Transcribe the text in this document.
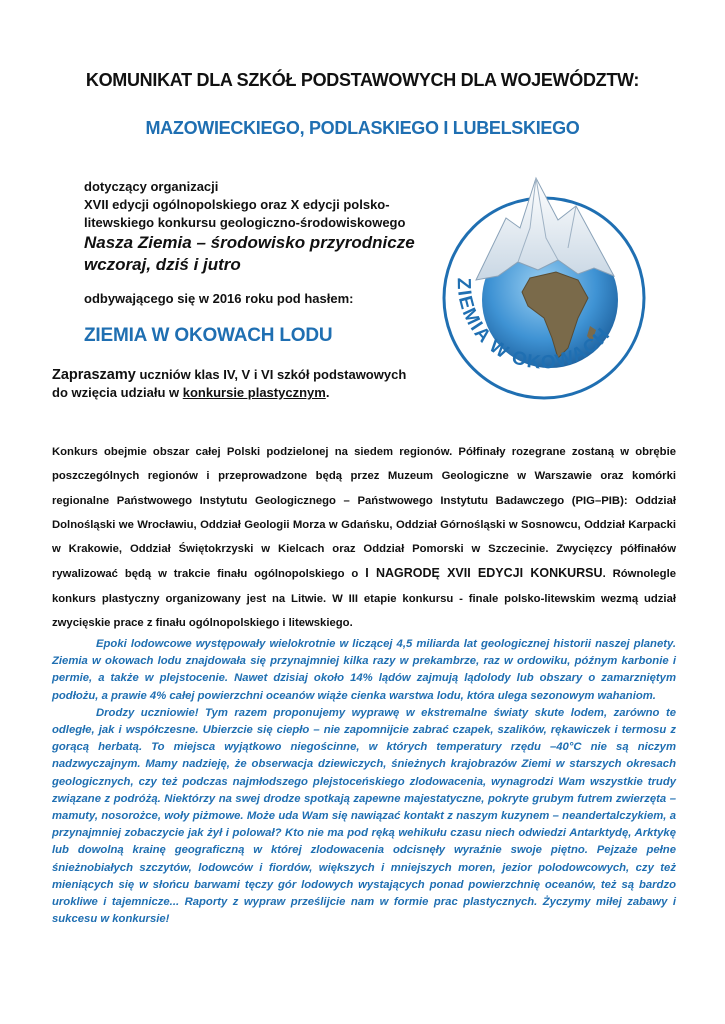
KOMUNIKAT DLA SZKÓŁ PODSTAWOWYCH DLA WOJEWÓDZTW:
MAZOWIECKIEGO, PODLASKIEGO I LUBELSKIEGO
dotyczący organizacji
XVII edycji ogólnopolskiego oraz X edycji polsko-
litewskiego konkursu geologiczno-środowiskowego
Nasza Ziemia – środowisko przyrodnicze
wczoraj, dziś i jutro
odbywającego się w 2016 roku pod hasłem:
ZIEMIA W OKOWACH LODU
Zapraszamy uczniów klas IV, V i VI szkół podstawowych
do wzięcia udziału w konkursie plastycznym.
ZIEMIA W OKOWACH
Konkurs obejmie obszar całej Polski podzielonej na siedem regionów. Półfinały rozegrane zostaną w obrębie poszczególnych regionów i przeprowadzone będą przez Muzeum Geologiczne w Warszawie oraz komórki regionalne Państwowego Instytutu Geologicznego – Państwowego Instytutu Badawczego (PIG–PIB): Oddział Dolnośląski we Wrocławiu, Oddział Geologii Morza w Gdańsku, Oddział Górnośląski w Sosnowcu, Oddział Karpacki w Krakowie, Oddział Świętokrzyski w Kielcach oraz Oddział Pomorski w Szczecinie. Zwycięzcy półfinałów rywalizować będą w trakcie finału ogólnopolskiego o I NAGRODĘ XVII EDYCJI KONKURSU. Równolegle konkurs plastyczny organizowany jest na Litwie. W III etapie konkursu - finale polsko-litewskim wezmą udział zwycięskie prace z finału ogólnopolskiego i litewskiego.

Epoki lodowcowe występowały wielokrotnie w liczącej 4,5 miliarda lat geologicznej historii naszej planety. Ziemia w okowach lodu znajdowała się przynajmniej kilka razy w prekambrze, raz w ordowiku, późnym karbonie i permie, a także w plejstocenie. Nawet dzisiaj około 14% lądów zajmują lądolody lub obszary o zamarzniętym podłożu, a prawie 4% całej powierzchni oceanów wiąże cienka warstwa lodu, która ulega sezonowym wahaniom.

Drodzy uczniowie! Tym razem proponujemy wyprawę w ekstremalne światy skute lodem, zarówno te odległe, jak i współczesne. Ubierzcie się ciepło – nie zapomnijcie zabrać czapek, szalików, rękawiczek i termosu z gorącą herbatą. To miejsca wyjątkowo niegościnne, w których temperatury rzędu –40°C nie są niczym nadzwyczajnym. Mamy nadzieję, że obserwacja dziewiczych, śnieżnych krajobrazów Ziemi w starszych okresach geologicznych, czy też podczas najmłodszego plejstoceńskiego zlodowacenia, wynagrodzi Wam wszystkie trudy związane z podróżą. Niektórzy na swej drodze spotkają zapewne majestatyczne, pokryte grubym futrem zwierzęta – mamuty, nosorożce, woły piżmowe. Może uda Wam się nawiązać kontakt z naszym kuzynem – neandertalczykiem, a przynajmniej zobaczycie jak żył i polował? Kto nie ma pod ręką wehikułu czasu niech odwiedzi Antarktydę, Arktykę lub dowolną krainę geograficzną w której zlodowacenia odcisnęły wyraźnie swoje piętno. Pejzaże pełne śnieżnobiałych szczytów, lodowców i fiordów, większych i mniejszych moren, jezior polodowcowych, czy też mieniących się w słońcu barwami tęczy gór lodowych wystających ponad powierzchnię oceanów, też są bardzo urokliwe i tajemnicze... Raporty z wypraw prześlijcie nam w formie prac plastycznych. Życzymy miłej zabawy i sukcesu w konkursie!
